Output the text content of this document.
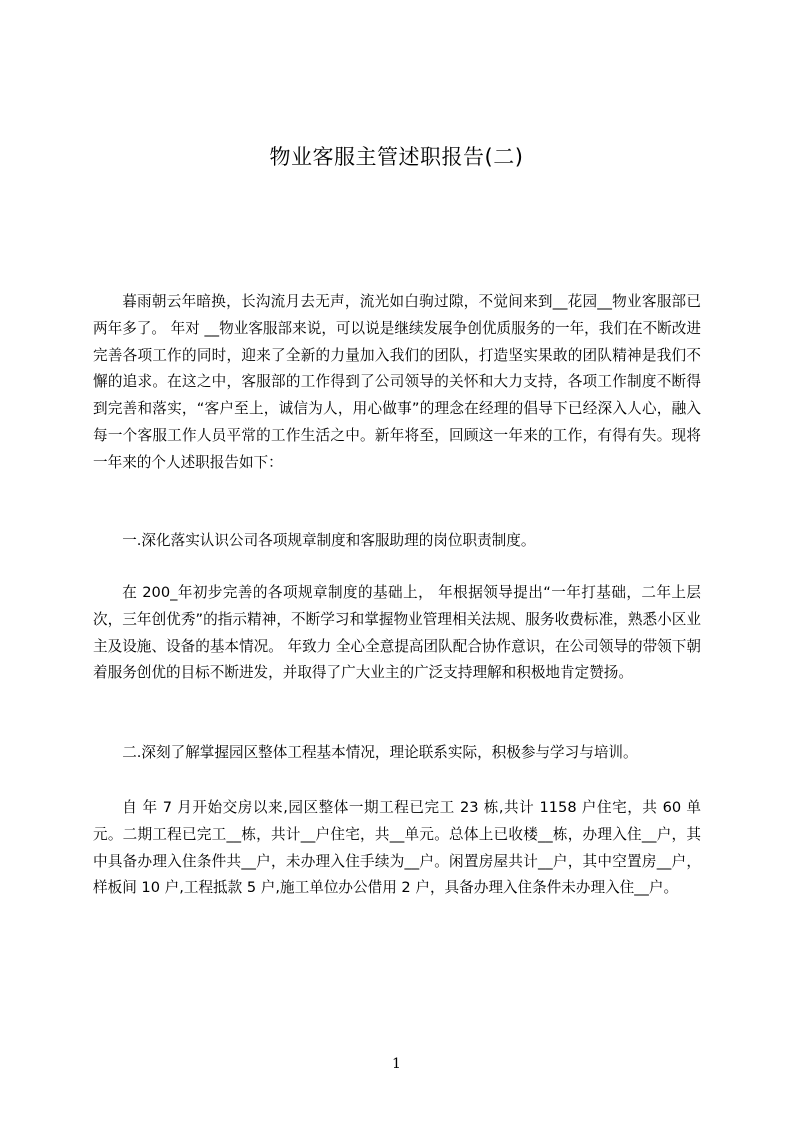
物业客服主管述职报告(二)

暮雨朝云年暗换，长沟流月去无声，流光如白驹过隙，不觉间来到__花园__物业客服部已两年多了。 年对 __物业客服部来说，可以说是继续发展争创优质服务的一年，我们在不断改进完善各项工作的同时，迎来了全新的力量加入我们的团队，打造坚实果敢的团队精神是我们不懈的追求。在这之中，客服部的工作得到了公司领导的关怀和大力支持，各项工作制度不断得到完善和落实，“客户至上，诚信为人，用心做事”的理念在经理的倡导下已经深入人心，融入每一个客服工作人员平常的工作生活之中。新年将至，回顾这一年来的工作，有得有失。现将一年来的个人述职报告如下：

一.深化落实认识公司各项规章制度和客服助理的岗位职责制度。

在 200_年初步完善的各项规章制度的基础上， 年根据领导提出“一年打基础，二年上层次，三年创优秀”的指示精神，不断学习和掌握物业管理相关法规、服务收费标准，熟悉小区业主及设施、设备的基本情况。 年致力 全心全意提高团队配合协作意识，在公司领导的带领下朝着服务创优的目标不断进发，并取得了广大业主的广泛支持理解和积极地肯定赞扬。

二.深刻了解掌握园区整体工程基本情况，理论联系实际，积极参与学习与培训。

自 年 7 月开始交房以来,园区整体一期工程已完工 23 栋,共计 1158 户住宅，共 60 单元。二期工程已完工__栋，共计__户住宅，共__单元。总体上已收楼__栋，办理入住__户，其中具备办理入住条件共__户，未办理入住手续为__户。闲置房屋共计__户，其中空置房__户，样板间 10 户,工程抵款 5 户,施工单位办公借用 2 户，具备办理入住条件未办理入住__户。

1
